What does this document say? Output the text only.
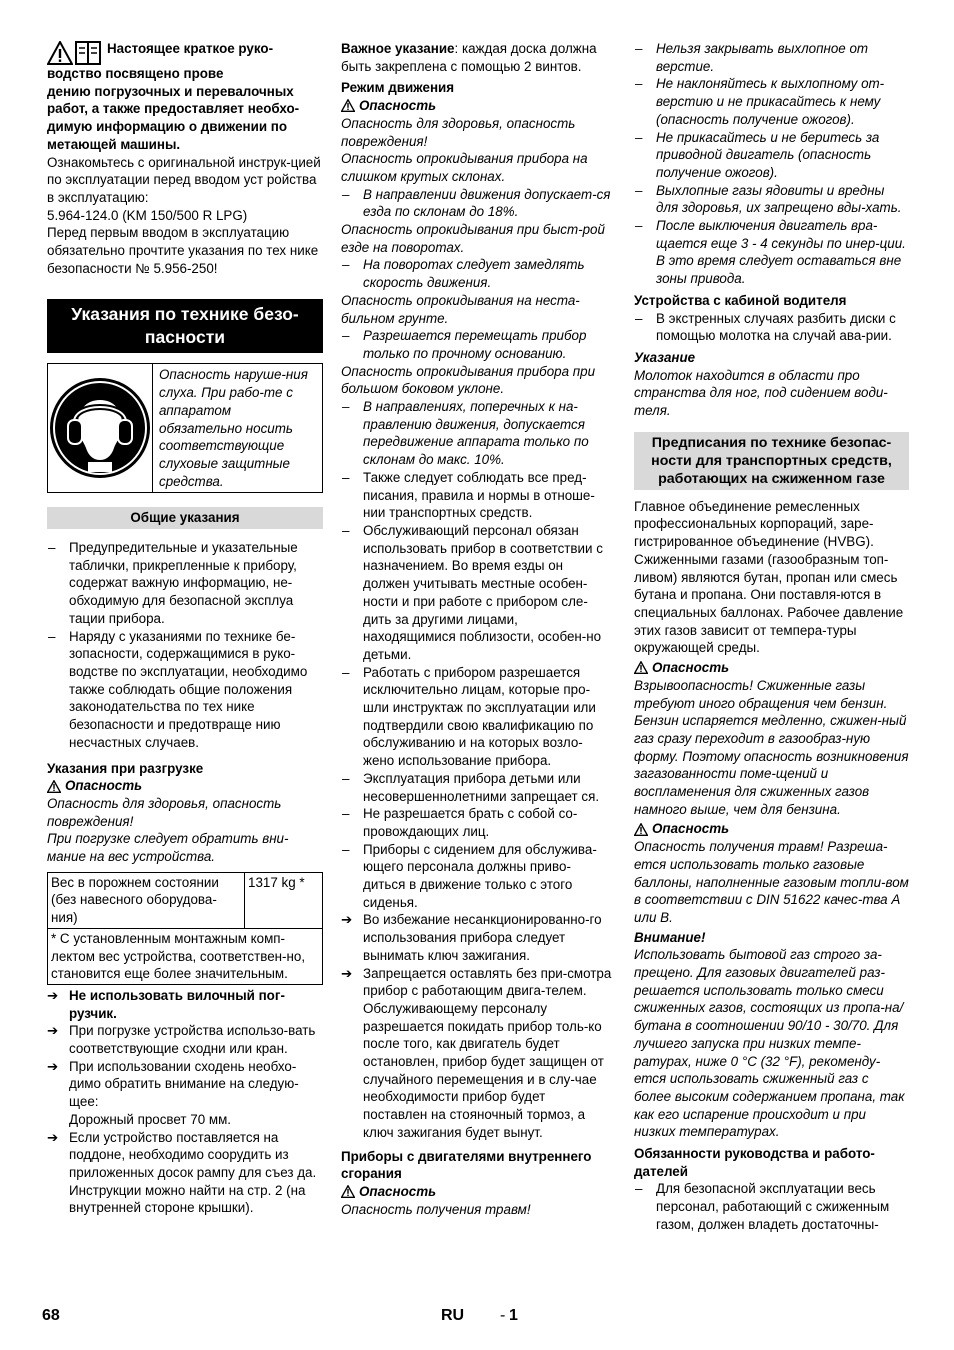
Настоящее краткое руко-
водство посвящено прове
дению погрузочных и перевалочных
работ, а также предоставляет необхо-
димую информацию о движении по
метающей машины.

Ознакомьтесь с оригинальной инструк-цией по эксплуатации перед вводом уст ройства в эксплуатацию:

5.964-124.0 (KM 150/500 R LPG)

Перед первым вводом в эксплуатацию обязательно прочтите указания по тех нике безопасности № 5.956-250!

Указания по технике безо-пасности
Опасность наруше-ния слуха. При рабо-те с аппаратом обязательно носить соответствующие слуховые защитные средства.
Общие указания
– Предупредительные и указательные таблички, прикрепленные к прибору, содержат важную информацию, не-обходимую для безопасной эксплуа тации прибора.
– Наряду с указаниями по технике бе-зопасности, содержащимися в руко-водстве по эксплуатации, необходимо также соблюдать общие положения законодательства по тех нике безопасности и предотвраще нию несчастных случаев.
Указания при разгрузке
Опасность

Опасность для здоровья, опасность повреждения!

При погрузке следует обратить вни-мание на вес устройства.

Вес в порожнем состоянии (без навесного оборудова-ния)	1317 kg *
* С установленным монтажным комп-лектом вес устройства, соответствен-но, становится еще более значительным.
➔ Не использовать вилочный пог-рузчик.
➔ При погрузке устройства использо-вать соответствующие сходни или кран.
➔ При использовании сходень необхо-димо обратить внимание на следую-щее:
Дорожный просвет 70 мм.
➔ Если устройство поставляется на поддоне, необходимо соорудить из приложенных досок рампу для съез да.
Инструкции можно найти на стр. 2 (на внутренней стороне крышки).

Важное указание: каждая доска должна быть закреплена с помощью 2 винтов.

Режим движения
Опасность

Опасность для здоровья, опасность повреждения!

Опасность опрокидывания прибора на слишком крутых склонах.

– В направлении движения допускает-ся езда по склонам до 18%.

Опасность опрокидывания при быст-рой езде на поворотах.

– На поворотах следует замедлять скорость движения.

Опасность опрокидывания на неста-бильном грунте.

– Разрешается перемещать прибор только по прочному основанию.

Опасность опрокидывания прибора при большом боковом уклоне.

– В направлениях, поперечных к на-правлению движения, допускается передвижение аппарата только по склонам до макс. 10%.
– Также следует соблюдать все пред-писания, правила и нормы в отноше-нии транспортных средств.
– Обслуживающий персонал обязан использовать прибор в соответствии с назначением. Во время езды он должен учитывать местные особен-ности и при работе с прибором сле-дить за другими лицами, находящимися поблизости, особен-но детьми.
– Работать с прибором разрешается исключительно лицам, которые про-шли инструктаж по эксплуатации или подтвердили свою квалификацию по обслуживанию и на которых возло-жено использование прибора.
– Эксплуатация прибора детьми или несовершеннолетними запрещает ся.
– Не разрешается брать с собой со-провождающих лиц.
– Приборы с сидением для обслужива-ющего персонала должны приво-диться в движение только с этого сиденья.
➔ Во избежание несанкционированно-го использования прибора следует вынимать ключ зажигания.
➔ Запрещается оставлять без при-смотра прибор с работающим двига-телем. Обслуживающему персоналу разрешается покидать прибор толь-ко после того, как двигатель будет остановлен, прибор будет защищен от случайного перемещения и в слу-чае необходимости прибор будет поставлен на стояночный тормоз, а ключ зажигания будет вынут.
Приборы с двигателями внутреннего сгорания
Опасность

Опасность получения травм!

– Нельзя закрывать выхлопное от верстие.
– Не наклоняйтесь к выхлопному от-верстию и не прикасайтесь к нему (опасность получение ожогов).
– Не прикасайтесь и не беритесь за приводной двигатель (опасность получение ожогов).
– Выхлопные газы ядовиты и вредны для здоровья, их запрещено вды-хать.
– После выключения двигатель вра-щается еще 3 - 4 секунды по инер-ции. В это время следует оставаться вне зоны привода.
Устройства с кабиной водителя
– В экстренных случаях разбить диски с помощью молотка на случай ава-рии.
Указание

Молоток находится в области про странства для ног, под сидением води-теля.

Предписания по технике безопас-ности для транспортных средств, работающих на сжиженном газе

Главное объединение ремесленных профессиональных корпораций, заре-гистрированное объединение (HVBG). Сжиженными газами (газообразным топ-ливом) являются бутан, пропан или смесь бутана и пропана. Они поставля-ются в специальных баллонах. Рабочее давление этих газов зависит от темпера-туры окружающей среды.

Опасность

Взрывоопасность! Сжиженные газы требуют иного обращения чем бензин. Бензин испаряется медленно, сжижен-ный газ сразу переходит в газообраз-ную форму. Поэтому опасность возникновения загазованности поме-щений и воспламенения для сжиженных газов намного выше, чем для бензина.

Опасность

Опасность получения травм! Разреша-ется использовать только газовые баллоны, наполненные газовым топли-вом в соответствии с DIN 51622 качес-тва A или B.

Внимание!

Использовать бытовой газ строго за-прещено. Для газовых двигателей раз-решается использовать только смеси сжиженных газов, состоящих из пропа-на/бутана в соотношении 90/10 - 30/70. Для лучшего запуска при низких темпе-ратурах, ниже 0 °C (32 °F), рекоменду-ется использовать сжиженный газ с более высоким содержанием пропана, так как его испарение происходит и при низких температурах.

Обязанности руководства и работо-дателей
– Для безопасной эксплуатации весь персонал, работающий с сжиженным газом, должен владеть достаточны-
68	RU - 1
